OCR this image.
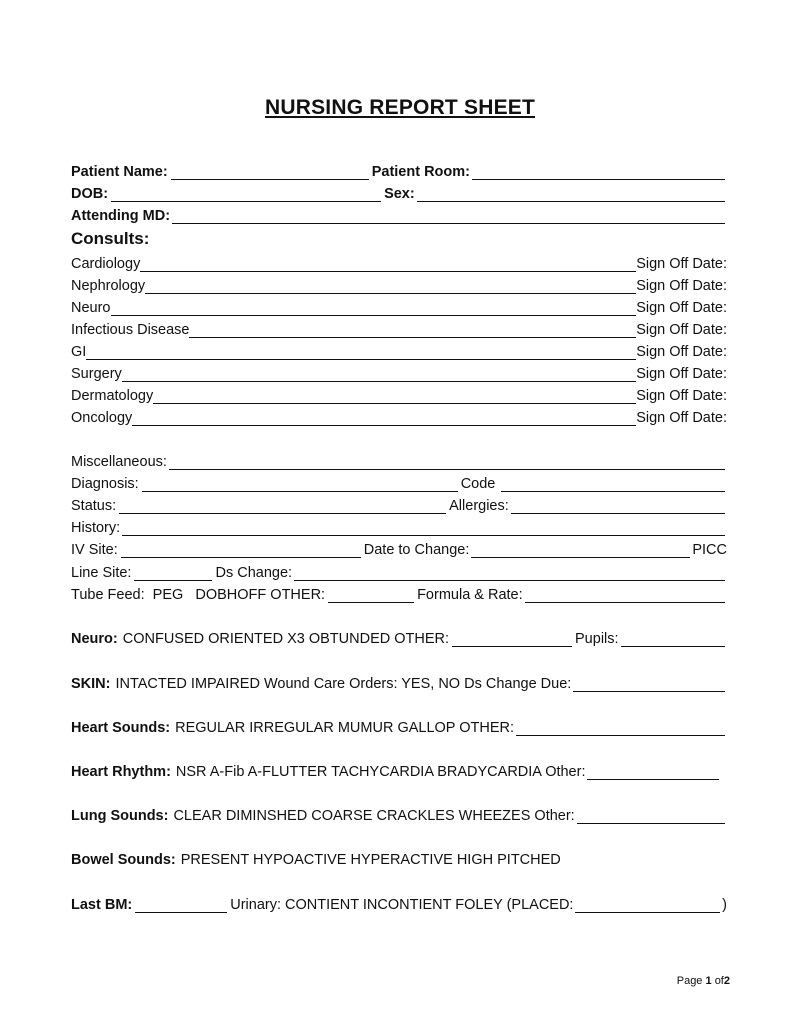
NURSING REPORT SHEET
Patient Name:	Patient Room:
DOB:	Sex:
Attending MD:
Consults:
Cardiology	Sign Off Date:
Nephrology	Sign Off Date:
Neuro	Sign Off Date:
Infectious Disease	Sign Off Date:
GI	Sign Off Date:
Surgery	Sign Off Date:
Dermatology	Sign Off Date:
Oncology	Sign Off Date:
Miscellaneous:
Diagnosis:	Code
Status:	Allergies:
History:
IV Site:	Date to Change:	PICC
Line Site:	Ds Change:
Tube Feed:  PEG   DOBHOFF OTHER:	Formula & Rate:
Neuro: CONFUSED ORIENTED X3 OBTUNDED OTHER:	Pupils:
SKIN: INTACTED IMPAIRED Wound Care Orders: YES, NO Ds Change Due:
Heart Sounds: REGULAR IRREGULAR MUMUR GALLOP OTHER:
Heart Rhythm: NSR A-Fib A-FLUTTER TACHYCARDIA BRADYCARDIA Other:
Lung Sounds: CLEAR DIMINSHED COARSE CRACKLES WHEEZES Other:
Bowel Sounds: PRESENT HYPOACTIVE HYPERACTIVE HIGH PITCHED
Last BM:	Urinary: CONTIENT INCONTIENT FOLEY (PLACED:	)
Page 1 of2
